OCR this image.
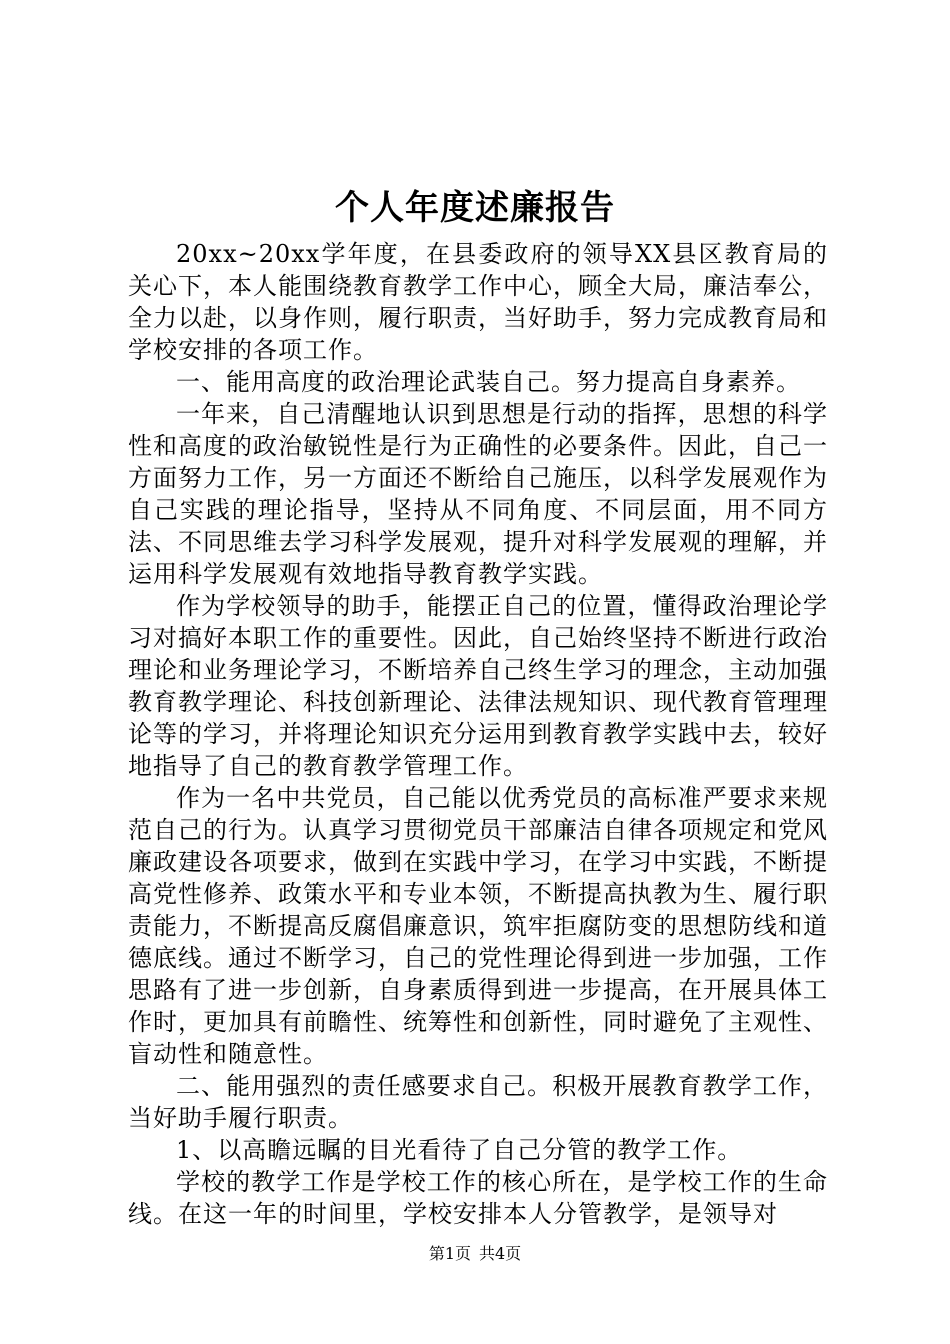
个人年度述廉报告

20xx~20xx学年度，在县委政府的领导XX县区教育局的关心下，本人能围绕教育教学工作中心，顾全大局，廉洁奉公，全力以赴，以身作则，履行职责，当好助手，努力完成教育局和学校安排的各项工作。

一、能用高度的政治理论武装自己。努力提高自身素养。

一年来，自己清醒地认识到思想是行动的指挥，思想的科学性和高度的政治敏锐性是行为正确性的必要条件。因此，自己一方面努力工作，另一方面还不断给自己施压，以科学发展观作为自己实践的理论指导，坚持从不同角度、不同层面，用不同方法、不同思维去学习科学发展观，提升对科学发展观的理解，并运用科学发展观有效地指导教育教学实践。

作为学校领导的助手，能摆正自己的位置，懂得政治理论学习对搞好本职工作的重要性。因此，自己始终坚持不断进行政治理论和业务理论学习，不断培养自己终生学习的理念，主动加强教育教学理论、科技创新理论、法律法规知识、现代教育管理理论等的学习，并将理论知识充分运用到教育教学实践中去，较好地指导了自己的教育教学管理工作。

作为一名中共党员，自己能以优秀党员的高标准严要求来规范自己的行为。认真学习贯彻党员干部廉洁自律各项规定和党风廉政建设各项要求，做到在实践中学习，在学习中实践，不断提高党性修养、政策水平和专业本领，不断提高执教为生、履行职责能力，不断提高反腐倡廉意识，筑牢拒腐防变的思想防线和道德底线。通过不断学习，自己的党性理论得到进一步加强，工作思路有了进一步创新，自身素质得到进一步提高，在开展具体工作时，更加具有前瞻性、统筹性和创新性，同时避免了主观性、盲动性和随意性。

二、能用强烈的责任感要求自己。积极开展教育教学工作，当好助手履行职责。

1、以高瞻远瞩的目光看待了自己分管的教学工作。

学校的教学工作是学校工作的核心所在，是学校工作的生命线。在这一年的时间里，学校安排本人分管教学，是领导对

第1页 共4页
